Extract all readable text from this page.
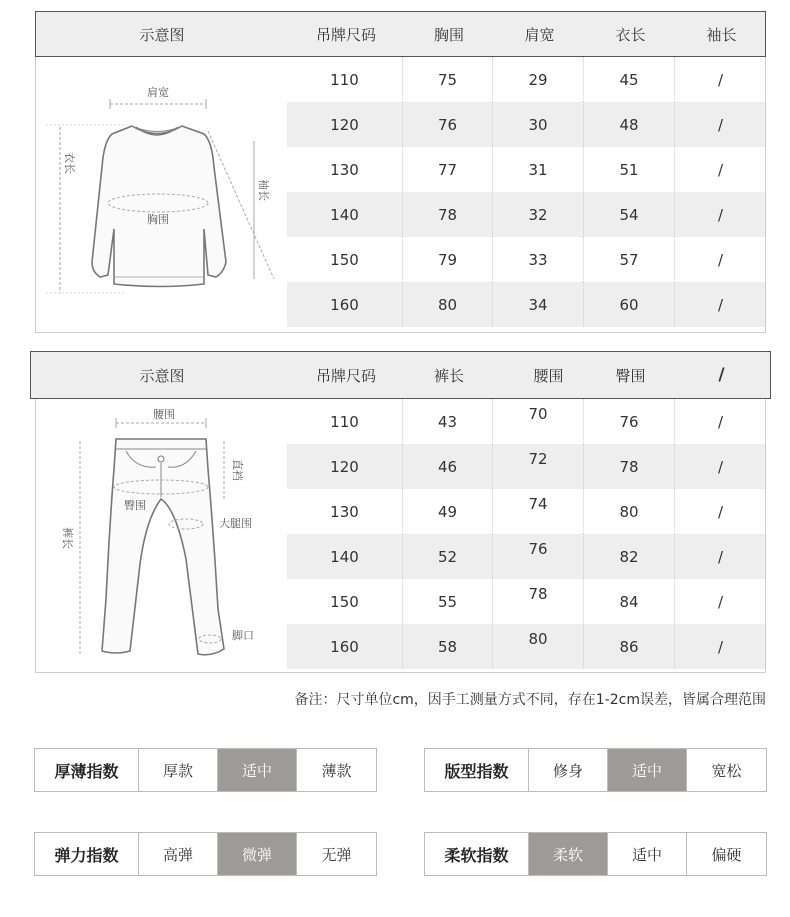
示意图	吊牌尺码	胸围	肩宽	衣长	袖长
肩宽
衣长
袖长
胸围
110	75	29	45	/
120	76	30	48	/
130	77	31	51	/
140	78	32	54	/
150	79	33	57	/
160	80	34	60	/
示意图	吊牌尺码	裤长	腰围	臀围	/
腰围
直裆
臀围
大腿围
裤长
脚口
110	43	70	76	/
120	46	72	78	/
130	49	74	80	/
140	52	76	82	/
150	55	78	84	/
160	58	80	86	/
备注：尺寸单位cm，因手工测量方式不同，存在1-2cm误差，皆属合理范围
厚薄指数	厚款	适中	薄款	版型指数	修身	适中	宽松
弹力指数	高弹	微弹	无弹	柔软指数	柔软	适中	偏硬
